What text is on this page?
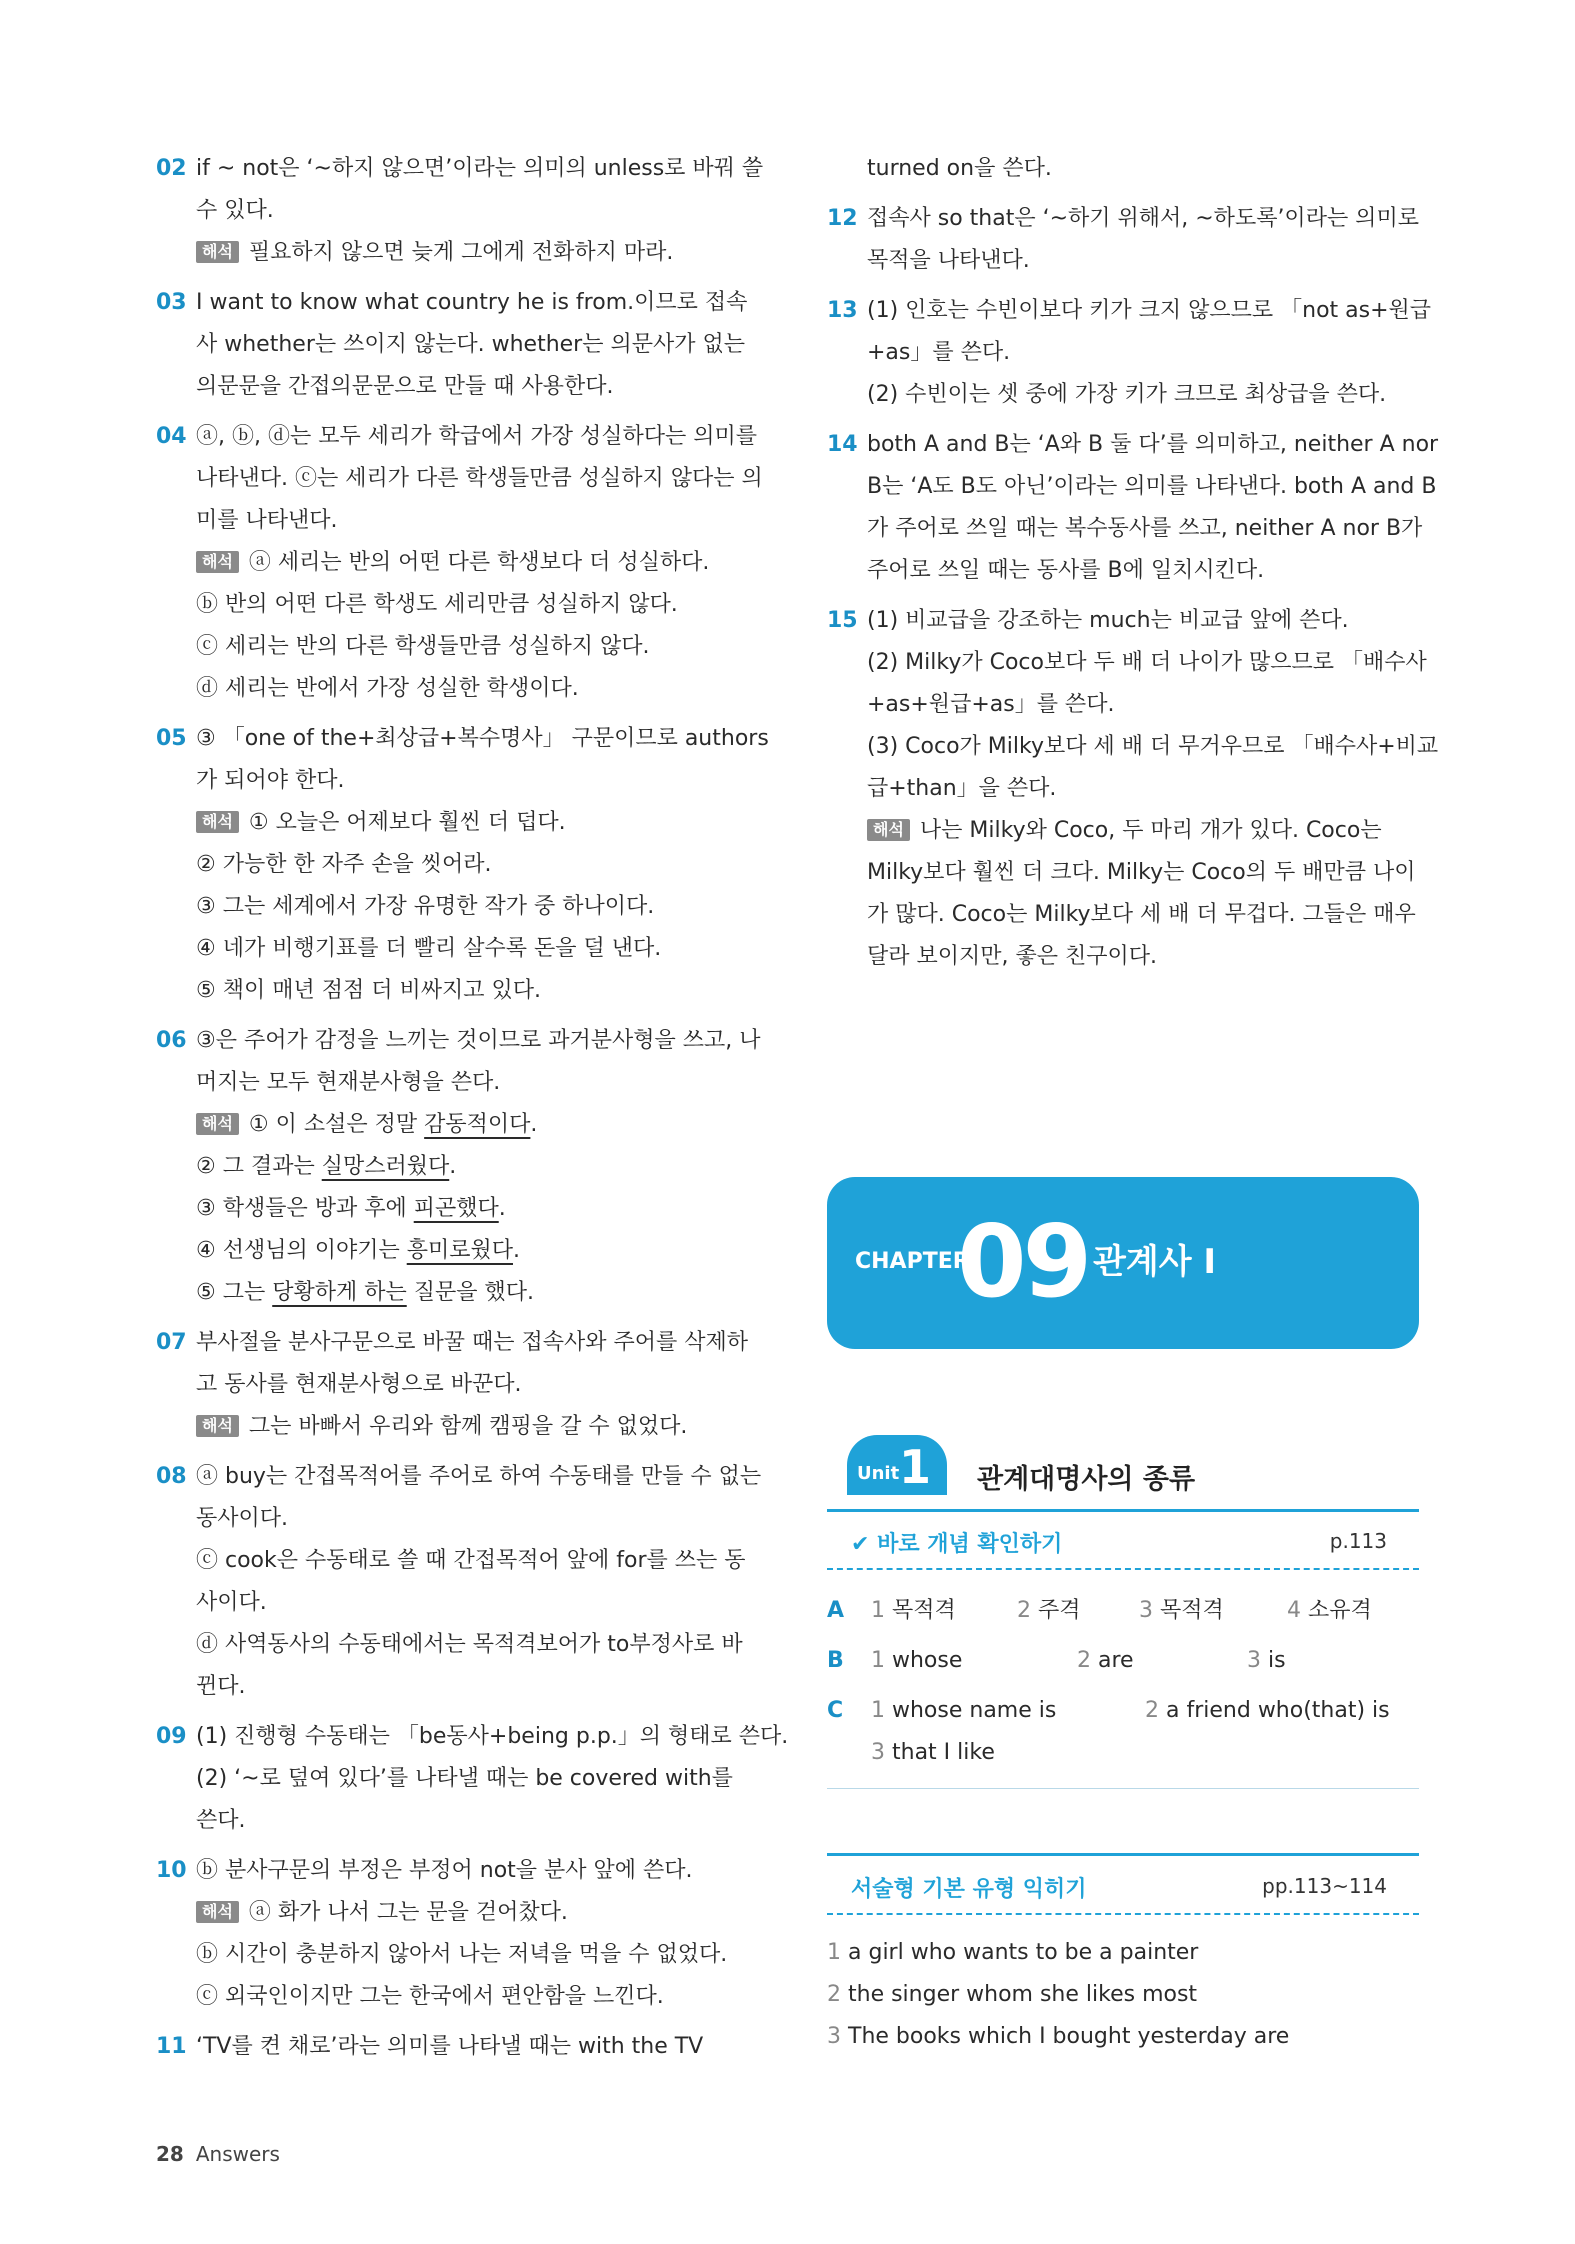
02 if ~ not은 ‘~하지 않으면’이라는 의미의 unless로 바꿔 쓸
수 있다.
해석 필요하지 않으면 늦게 그에게 전화하지 마라.
03 I want to know what country he is from.이므로 접속
사 whether는 쓰이지 않는다. whether는 의문사가 없는
의문문을 간접의문문으로 만들 때 사용한다.
04 ⓐ, ⓑ, ⓓ는 모두 세리가 학급에서 가장 성실하다는 의미를
나타낸다. ⓒ는 세리가 다른 학생들만큼 성실하지 않다는 의
미를 나타낸다.
해석 ⓐ 세리는 반의 어떤 다른 학생보다 더 성실하다.
ⓑ 반의 어떤 다른 학생도 세리만큼 성실하지 않다.
ⓒ 세리는 반의 다른 학생들만큼 성실하지 않다.
ⓓ 세리는 반에서 가장 성실한 학생이다.
05 ③ 「one of the+최상급+복수명사」 구문이므로 authors
가 되어야 한다.
해석 ① 오늘은 어제보다 훨씬 더 덥다.
② 가능한 한 자주 손을 씻어라.
③ 그는 세계에서 가장 유명한 작가 중 하나이다.
④ 네가 비행기표를 더 빨리 살수록 돈을 덜 낸다.
⑤ 책이 매년 점점 더 비싸지고 있다.
06 ③은 주어가 감정을 느끼는 것이므로 과거분사형을 쓰고, 나
머지는 모두 현재분사형을 쓴다.
해석 ① 이 소설은 정말 감동적이다.
② 그 결과는 실망스러웠다.
③ 학생들은 방과 후에 피곤했다.
④ 선생님의 이야기는 흥미로웠다.
⑤ 그는 당황하게 하는 질문을 했다.
07 부사절을 분사구문으로 바꿀 때는 접속사와 주어를 삭제하
고 동사를 현재분사형으로 바꾼다.
해석 그는 바빠서 우리와 함께 캠핑을 갈 수 없었다.
08 ⓐ buy는 간접목적어를 주어로 하여 수동태를 만들 수 없는
동사이다.
ⓒ cook은 수동태로 쓸 때 간접목적어 앞에 for를 쓰는 동
사이다.
ⓓ 사역동사의 수동태에서는 목적격보어가 to부정사로 바
뀐다.
09 (1) 진행형 수동태는 「be동사+being p.p.」의 형태로 쓴다.
(2) ‘~로 덮여 있다’를 나타낼 때는 be covered with를
쓴다.
10 ⓑ 분사구문의 부정은 부정어 not을 분사 앞에 쓴다.
해석 ⓐ 화가 나서 그는 문을 걷어찼다.
ⓑ 시간이 충분하지 않아서 나는 저녁을 먹을 수 없었다.
ⓒ 외국인이지만 그는 한국에서 편안함을 느낀다.
11 ‘TV를 켠 채로’라는 의미를 나타낼 때는 with the TV
turned on을 쓴다.
12 접속사 so that은 ‘~하기 위해서, ~하도록’이라는 의미로
목적을 나타낸다.
13 (1) 인호는 수빈이보다 키가 크지 않으므로 「not as+원급
+as」를 쓴다.
(2) 수빈이는 셋 중에 가장 키가 크므로 최상급을 쓴다.
14 both A and B는 ‘A와 B 둘 다’를 의미하고, neither A nor
B는 ‘A도 B도 아닌’이라는 의미를 나타낸다. both A and B
가 주어로 쓰일 때는 복수동사를 쓰고, neither A nor B가
주어로 쓰일 때는 동사를 B에 일치시킨다.
15 (1) 비교급을 강조하는 much는 비교급 앞에 쓴다.
(2) Milky가 Coco보다 두 배 더 나이가 많으므로 「배수사
+as+원급+as」를 쓴다.
(3) Coco가 Milky보다 세 배 더 무거우므로 「배수사+비교
급+than」을 쓴다.
해석 나는 Milky와 Coco, 두 마리 개가 있다. Coco는
Milky보다 훨씬 더 크다. Milky는 Coco의 두 배만큼 나이
가 많다. Coco는 Milky보다 세 배 더 무겁다. 그들은 매우
달라 보이지만, 좋은 친구이다.
CHAPTER
09 관계사 Ⅰ
Unit 1 관계대명사의 종류
✔ 바로 개념 확인하기	p.113
A 1 목적격	2 주격	3 목적격	4 소유격
B 1 whose	2 are	3 is
C 1 whose name is	2 a friend who(that) is
3 that I like
서술형 기본 유형 익히기	pp.113~114
1 a girl who wants to be a painter
2 the singer whom she likes most
3 The books which I bought yesterday are
28 Answers
